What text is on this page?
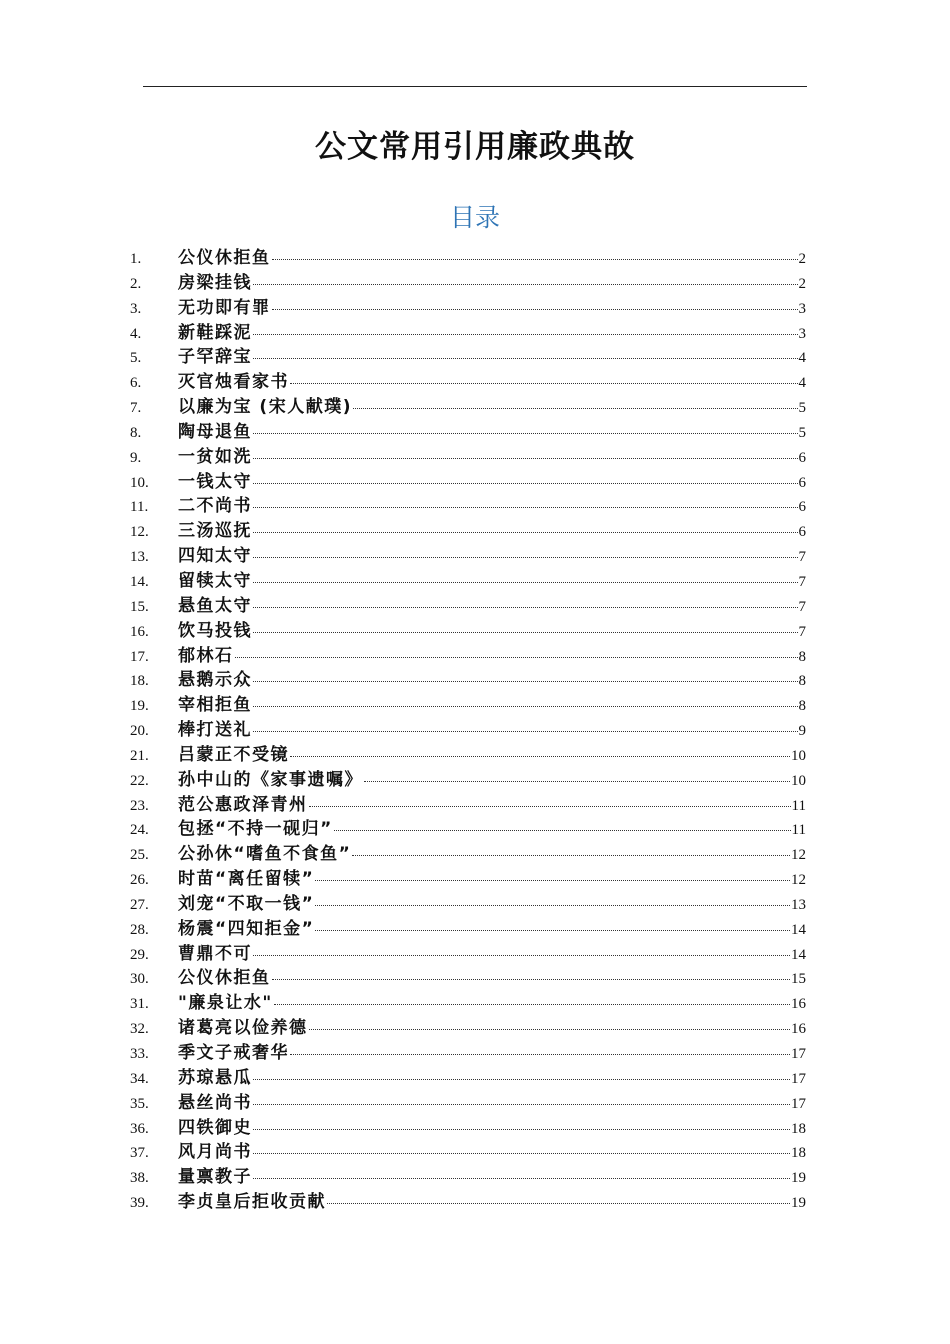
公文常用引用廉政典故
目录
1.	公仪休拒鱼	2
2.	房梁挂钱	2
3.	无功即有罪	3
4.	新鞋踩泥	3
5.	子罕辞宝	4
6.	灭官烛看家书	4
7.	以廉为宝 (宋人献璞)	5
8.	陶母退鱼	5
9.	一贫如洗	6
10.	一钱太守	6
11.	二不尚书	6
12.	三汤巡抚	6
13.	四知太守	7
14.	留犊太守	7
15.	悬鱼太守	7
16.	饮马投钱	7
17.	郁林石	8
18.	悬鹅示众	8
19.	宰相拒鱼	8
20.	棒打送礼	9
21.	吕蒙正不受镜	10
22.	孙中山的《家事遗嘱》	10
23.	范公惠政泽青州	11
24.	包拯“不持一砚归”	11
25.	公孙休“嗜鱼不食鱼”	12
26.	时苗“离任留犊”	12
27.	刘宠“不取一钱”	13
28.	杨震“四知拒金”	14
29.	曹鼎不可	14
30.	公仪休拒鱼	15
31.	"廉泉让水"	16
32.	诸葛亮以俭养德	16
33.	季文子戒奢华	17
34.	苏琼悬瓜	17
35.	悬丝尚书	17
36.	四铁御史	18
37.	风月尚书	18
38.	量禀教子	19
39.	李贞皇后拒收贡献	19
